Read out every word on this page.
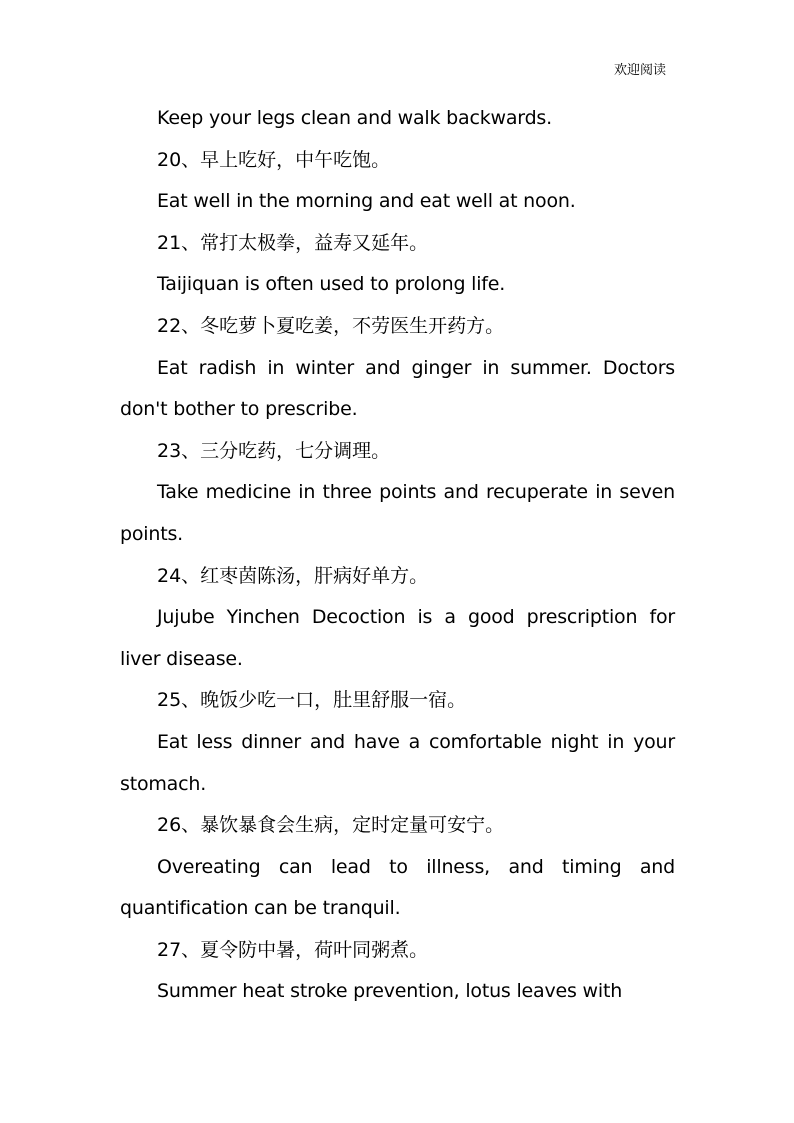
欢迎阅读

Keep your legs clean and walk backwards.

20、早上吃好，中午吃饱。

Eat well in the morning and eat well at noon.

21、常打太极拳，益寿又延年。

Taijiquan is often used to prolong life.

22、冬吃萝卜夏吃姜，不劳医生开药方。

Eat radish in winter and ginger in summer. Doctors don't bother to prescribe.

23、三分吃药，七分调理。

Take medicine in three points and recuperate in seven points.

24、红枣茵陈汤，肝病好单方。

Jujube Yinchen Decoction is a good prescription for liver disease.

25、晚饭少吃一口，肚里舒服一宿。

Eat less dinner and have a comfortable night in your stomach.

26、暴饮暴食会生病，定时定量可安宁。

Overeating can lead to illness, and timing and quantification can be tranquil.

27、夏令防中暑，荷叶同粥煮。

Summer heat stroke prevention, lotus leaves with
